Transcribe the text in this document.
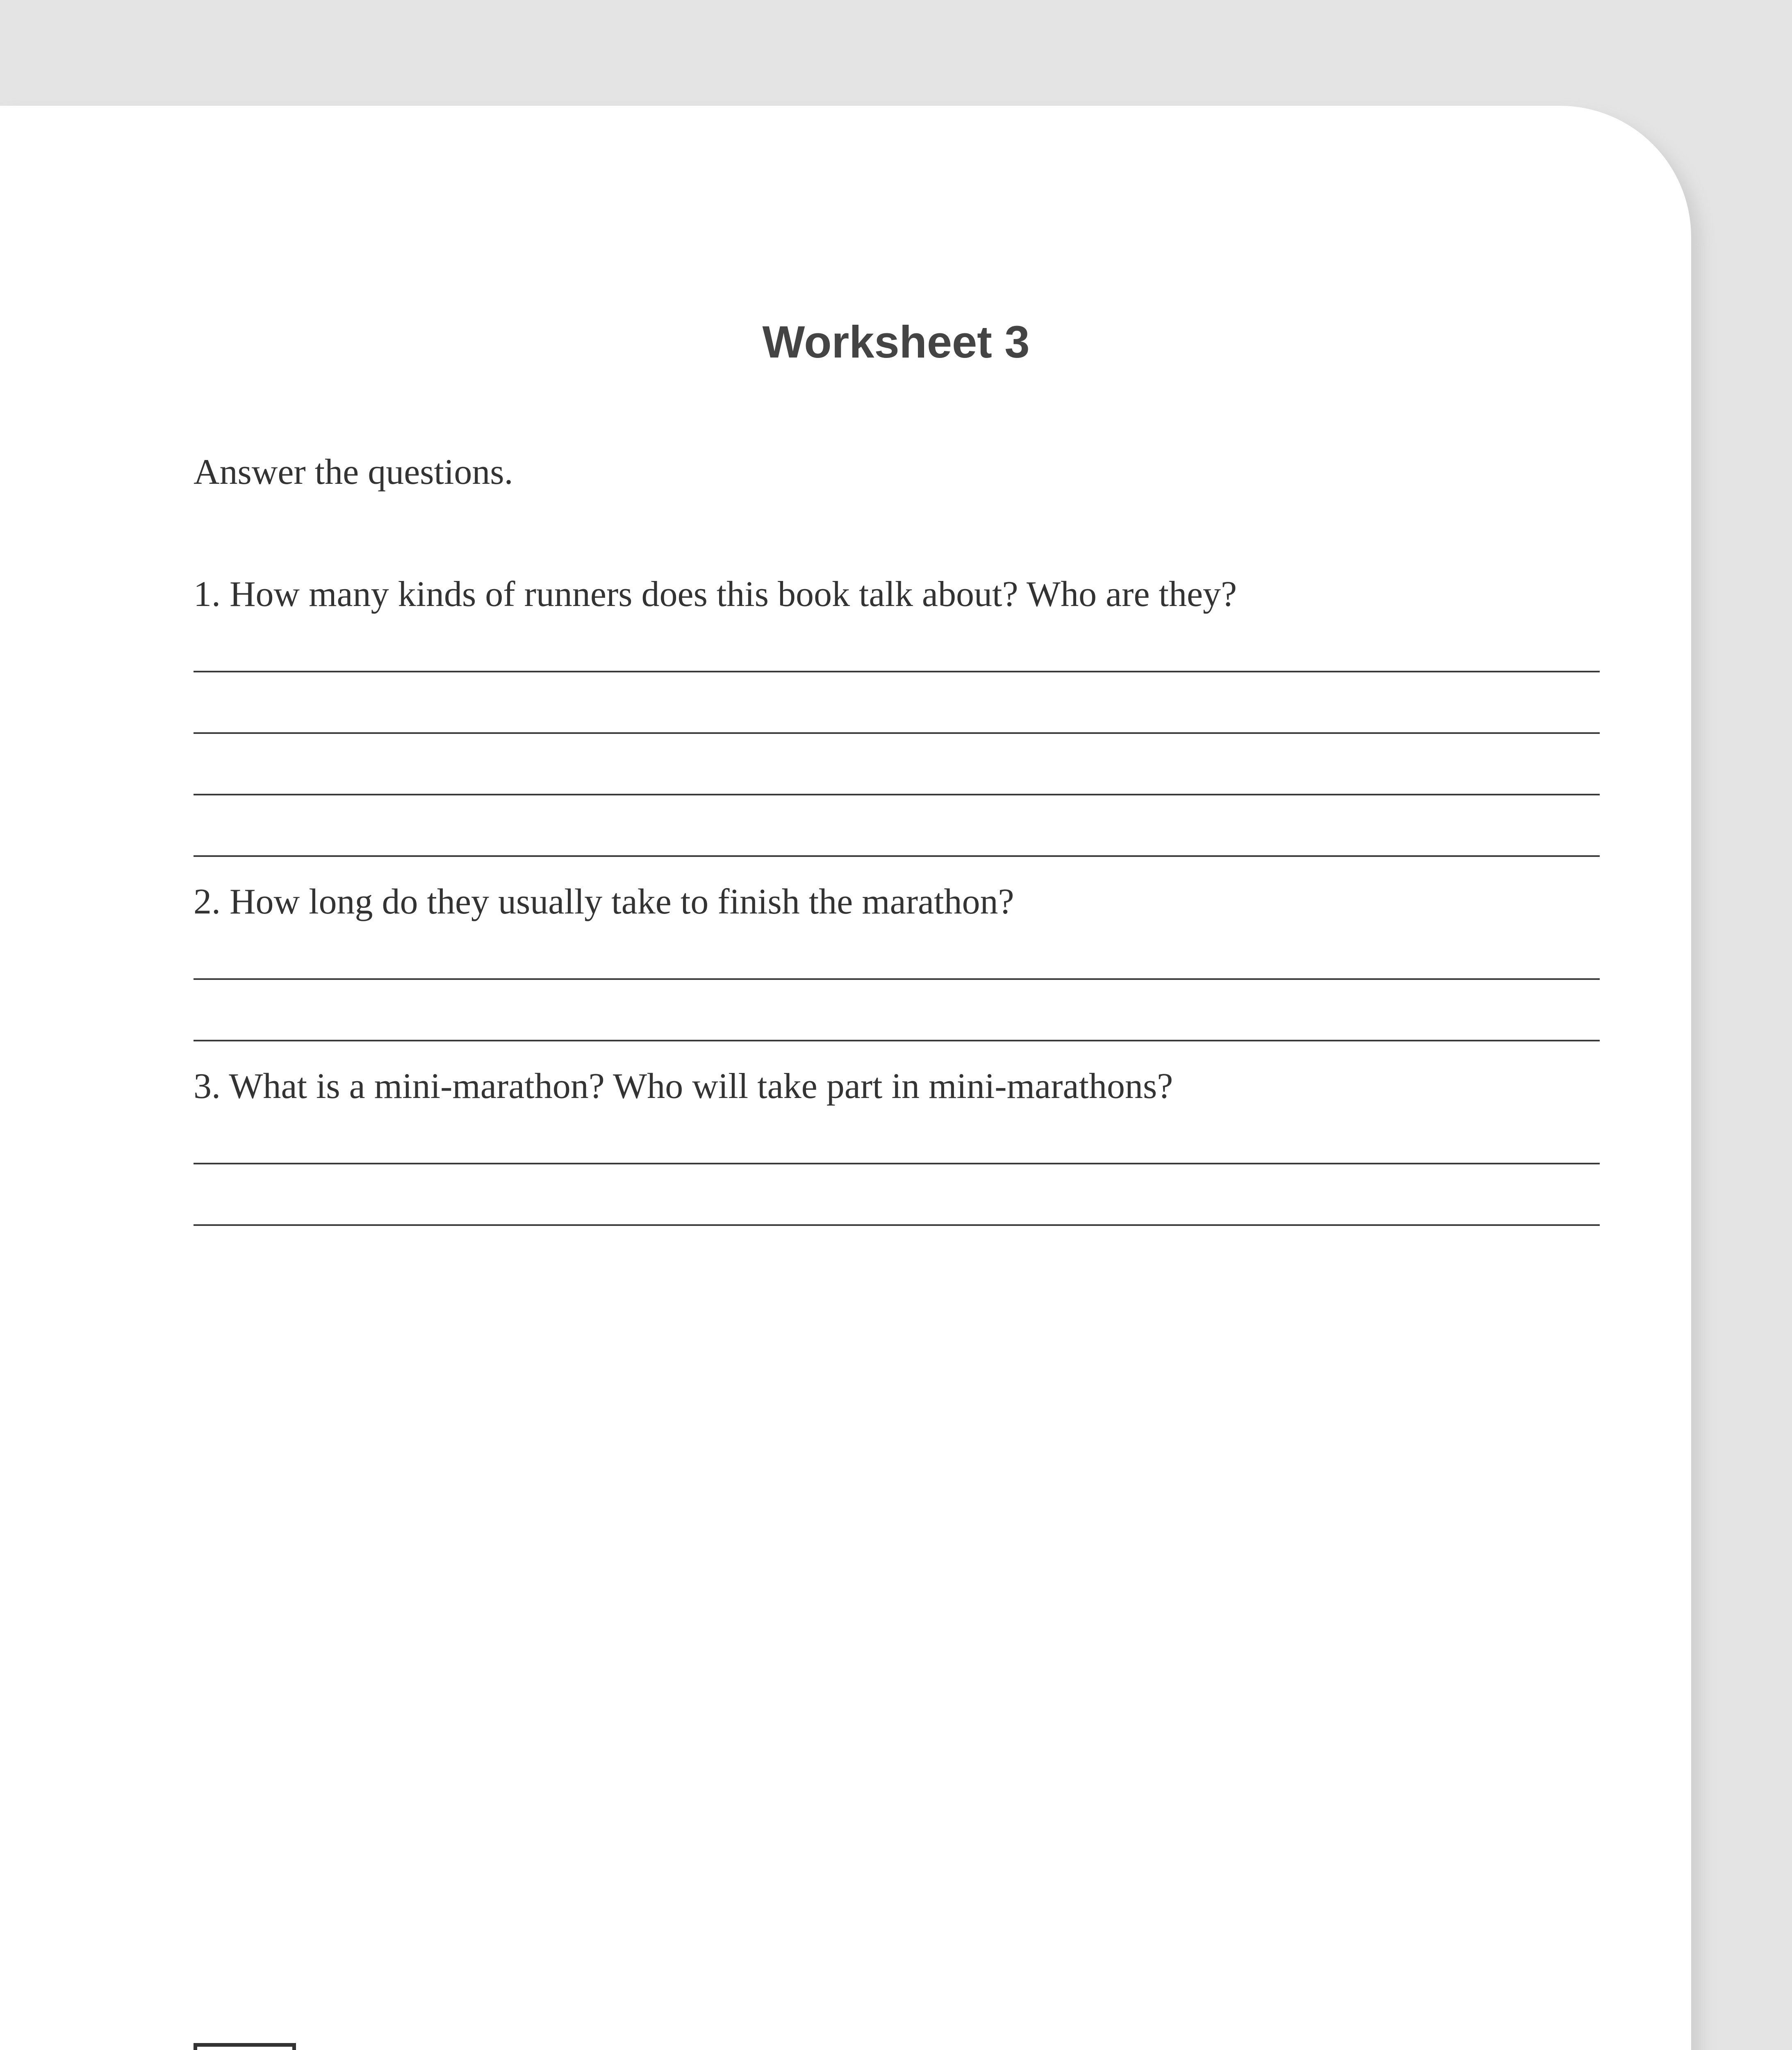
Worksheet 3

Answer the questions.

1. How many kinds of runners does this book talk about? Who are they?

2. How long do they usually take to finish the marathon?

3. What is a mini-marathon? Who will take part in mini-marathons?
